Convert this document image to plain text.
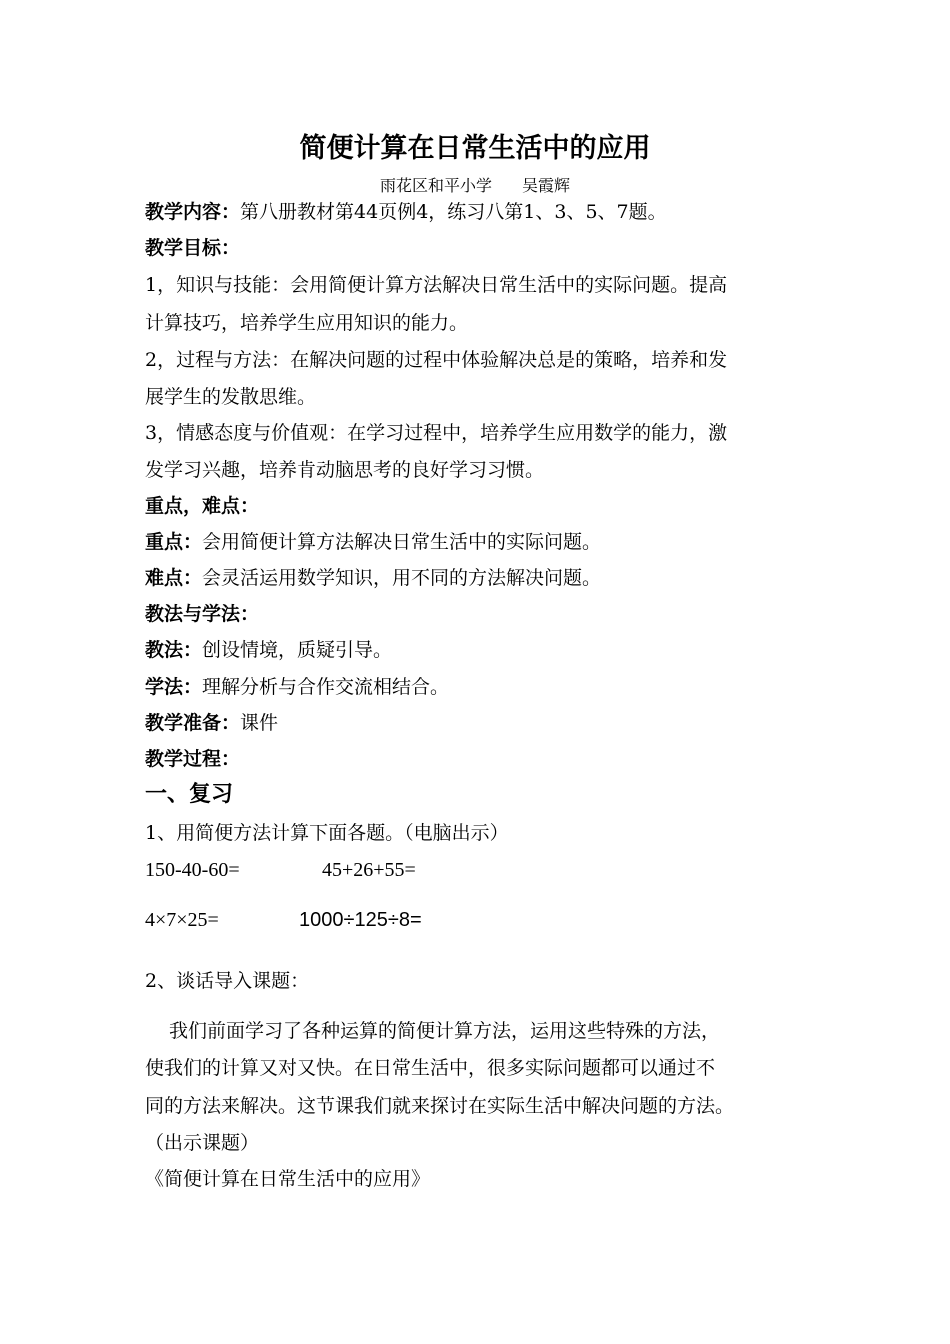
简便计算在日常生活中的应用
雨花区和平小学 吴霞辉
教学内容：第八册教材第44页例4，练习八第1、3、5、7题。
教学目标：
1，知识与技能：会用简便计算方法解决日常生活中的实际问题。提高
计算技巧，培养学生应用知识的能力。
2，过程与方法：在解决问题的过程中体验解决总是的策略，培养和发
展学生的发散思维。
3，情感态度与价值观：在学习过程中，培养学生应用数学的能力，激
发学习兴趣，培养肯动脑思考的良好学习习惯。
重点，难点：
重点：会用简便计算方法解决日常生活中的实际问题。
难点：会灵活运用数学知识，用不同的方法解决问题。
教法与学法：
教法：创设情境，质疑引导。
学法：理解分析与合作交流相结合。
教学准备：课件
教学过程：
一、复习
1、用简便方法计算下面各题。（电脑出示）
150-40-60=	45+26+55=
4×7×25=	1000÷125÷8=
2、谈话导入课题：
我们前面学习了各种运算的简便计算方法，运用这些特殊的方法，
使我们的计算又对又快。在日常生活中，很多实际问题都可以通过不
同的方法来解决。这节课我们就来探讨在实际生活中解决问题的方法。
（出示课题）
《简便计算在日常生活中的应用》
